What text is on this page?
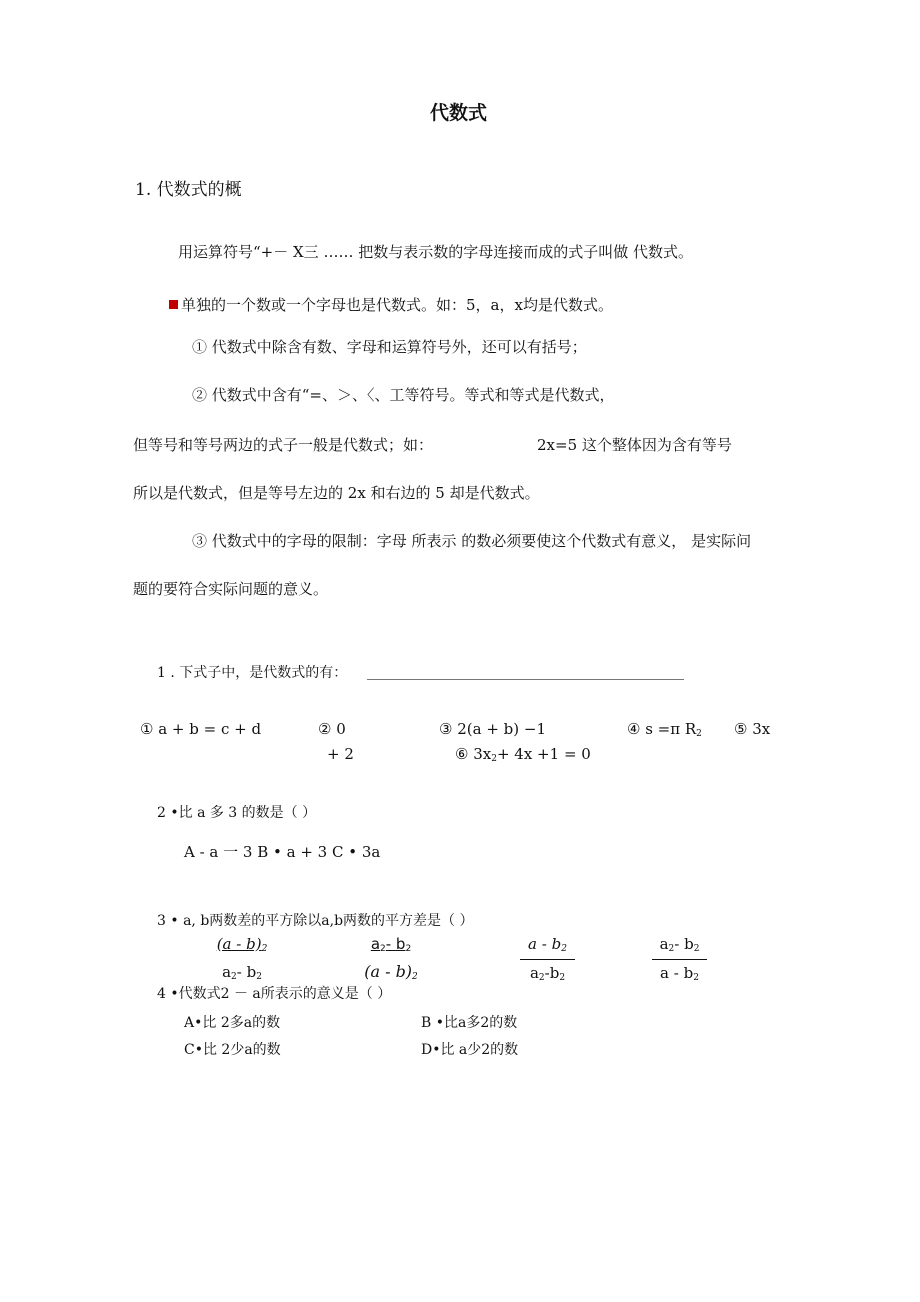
代数式
1. 代数式的概
用运算符号“+－ X三 …… 把数与表示数的字母连接而成的式子叫做 代数式。
单独的一个数或一个字母也是代数式。如：5，a，x均是代数式。
① 代数式中除含有数、字母和运算符号外，还可以有括号；
② 代数式中含有“=、＞、〈、工等符号。等式和等式是代数式，
但等号和等号两边的式子一般是代数式；如：	2x=5 这个整体因为含有等号
所以是代数式，但是等号左边的 2x 和右边的 5 却是代数式。
③ 代数式中的字母的限制：字母 所表示 的数必须要使这个代数式有意义， 是实际问
题的要符合实际问题的意义。
1 . 下式子中，是代数式的有：
① a + b = c + d	② 0
+ 2
③ 2(a + b) −1	④ s =π $R_2$ ⑤ 3x
⑥ $3x_2+ 4x +1 = 0$
2 •比 a 多 3 的数是（ ）
A - a 一 3 B • a + 3 C • 3a
3 • a, b两数差的平方除以a,b两数的平方差是（ ）
$\frac{(a - b)_2}{a_2- b_2}$	$\frac{a_2- b_2}{(a - b)_2}$	$\frac{a - b_2}{a_2-b_2}$	$\frac{a_2- b_2}{a - b_2}$
4 •代数式2 － a所表示的意义是（ ）
A•比 2多a的数	B •比a多2的数
C•比 2少a的数	D•比 a少2的数
